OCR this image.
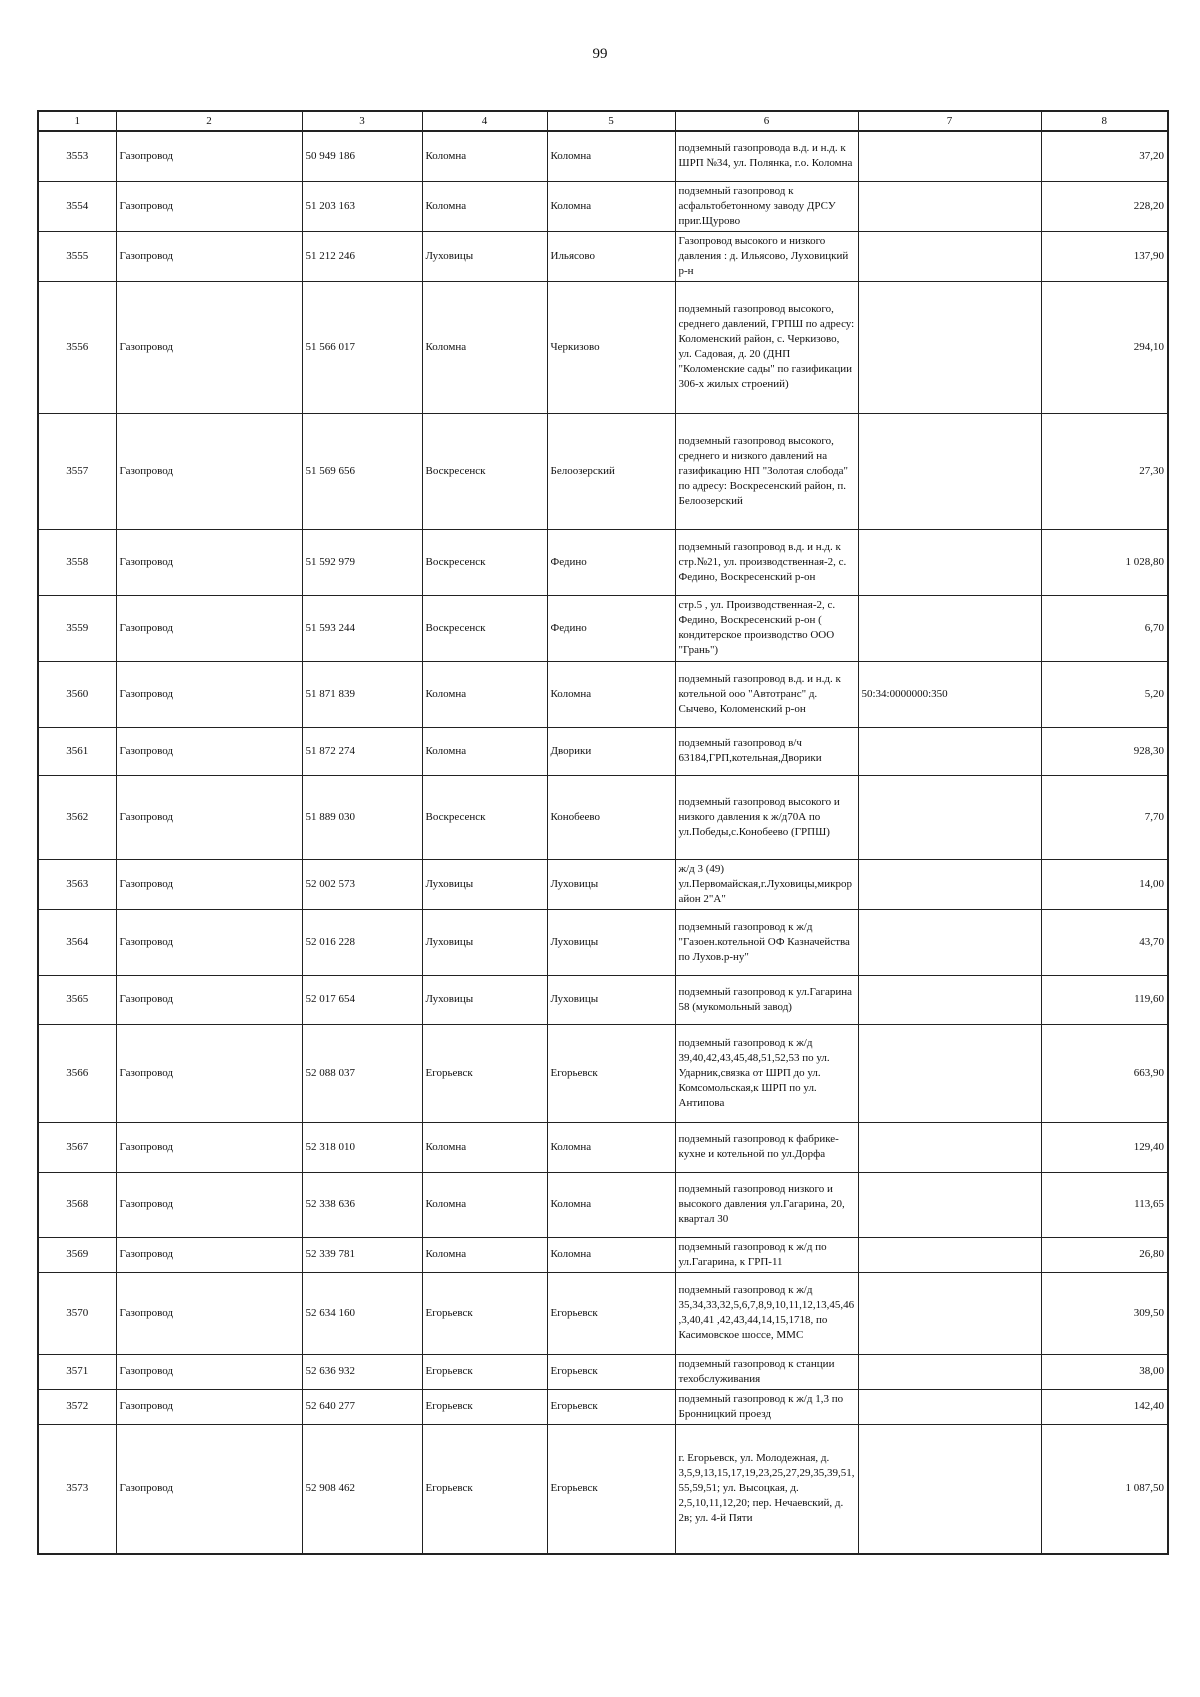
99
1	2	3	4	5	6	7	8
3553	Газопровод	50 949 186	Коломна	Коломна	подземный газопровода в.д. и н.д. к ШРП №34, ул. Полянка, г.о. Коломна		37,20
3554	Газопровод	51 203 163	Коломна	Коломна	подземный газопровод к асфальтобетонному заводу ДРСУ приг.Щурово		228,20
3555	Газопровод	51 212 246	Луховицы	Ильясово	Газопровод высокого и низкого давления : д. Ильясово, Луховицкий р-н		137,90
3556	Газопровод	51 566 017	Коломна	Черкизово	подземный газопровод высокого, среднего давлений, ГРПШ по адресу: Коломенский район, с. Черкизово, ул. Садовая, д. 20 (ДНП "Коломенские сады" по газификации 306-х жилых строений)		294,10
3557	Газопровод	51 569 656	Воскресенск	Белоозерский	подземный газопровод высокого, среднего и низкого давлений на газификацию НП "Золотая слобода" по адресу: Воскресенский район, п. Белоозерский		27,30
3558	Газопровод	51 592 979	Воскресенск	Федино	подземный газопровод в.д. и н.д. к стр.№21, ул. производственная-2, с. Федино, Воскресенский р-он		1 028,80
3559	Газопровод	51 593 244	Воскресенск	Федино	стр.5 , ул. Производственная-2, с. Федино, Воскресенский р-он ( кондитерское производство ООО "Грань")		6,70
3560	Газопровод	51 871 839	Коломна	Коломна	подземный газопровод в.д. и н.д. к котельной ооо "Автотранс" д. Сычево, Коломенский р-он	50:34:0000000:350	5,20
3561	Газопровод	51 872 274	Коломна	Дворики	подземный газопровод в/ч 63184,ГРП,котельная,Дворики		928,30
3562	Газопровод	51 889 030	Воскресенск	Конобеево	подземный газопровод высокого и низкого давления к ж/д70А по ул.Победы,с.Конобеево (ГРПШ)		7,70
3563	Газопровод	52 002 573	Луховицы	Луховицы	ж/д 3 (49) ул.Первомайская,г.Луховицы,микрорайон 2"А"		14,00
3564	Газопровод	52 016 228	Луховицы	Луховицы	подземный газопровод к ж/д "Газоен.котельной ОФ Казначейства по Лухов.р-ну"		43,70
3565	Газопровод	52 017 654	Луховицы	Луховицы	подземный газопровод к ул.Гагарина 58 (мукомольный завод)		119,60
3566	Газопровод	52 088 037	Егорьевск	Егорьевск	подземный газопровод к ж/д 39,40,42,43,45,48,51,52,53 по ул. Ударник,связка от ШРП до ул. Комсомольская,к ШРП по ул. Антипова		663,90
3567	Газопровод	52 318 010	Коломна	Коломна	подземный газопровод к фабрике-кухне и котельной по ул.Дорфа		129,40
3568	Газопровод	52 338 636	Коломна	Коломна	подземный газопровод низкого и высокого давления ул.Гагарина, 20, квартал 30		113,65
3569	Газопровод	52 339 781	Коломна	Коломна	подземный газопровод к ж/д по ул.Гагарина, к ГРП-11		26,80
3570	Газопровод	52 634 160	Егорьевск	Егорьевск	подземный газопровод к ж/д 35,34,33,32,5,6,7,8,9,10,11,12,13,45,46,3,40,41 ,42,43,44,14,15,1718, по Касимовское шоссе, ММС		309,50
3571	Газопровод	52 636 932	Егорьевск	Егорьевск	подземный газопровод к станции техобслуживания		38,00
3572	Газопровод	52 640 277	Егорьевск	Егорьевск	подземный газопровод к ж/д 1,3 по Бронницкий проезд		142,40
3573	Газопровод	52 908 462	Егорьевск	Егорьевск	г. Егорьевск, ул. Молодежная, д. 3,5,9,13,15,17,19,23,25,27,29,35,39,51,55,59,51; ул. Высоцкая, д. 2,5,10,11,12,20; пер. Нечаевский, д. 2в; ул. 4-й Пяти		1 087,50
